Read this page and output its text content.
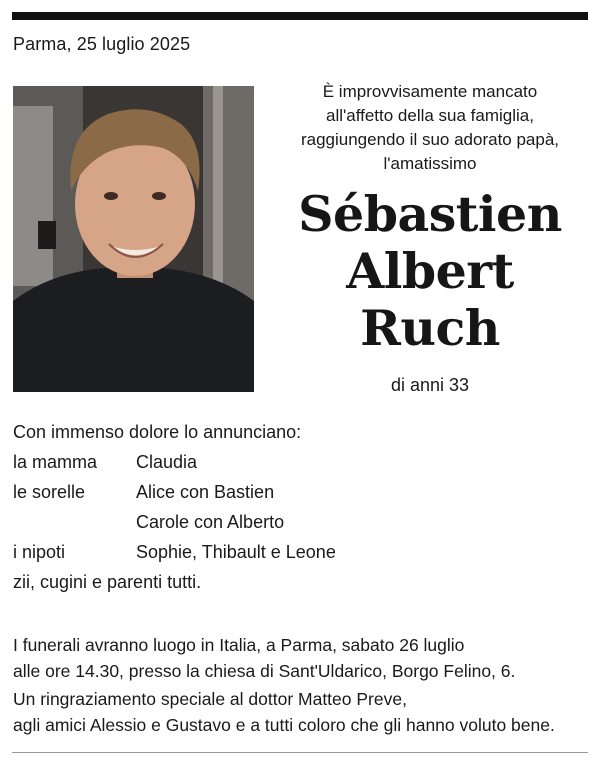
Parma, 25 luglio 2025
È improvvisamente mancato
all'affetto della sua famiglia,
raggiungendo il suo adorato papà,
l'amatissimo
Sébastien
Albert
Ruch
di anni 33
Con immenso dolore lo annunciano:
la mamma Claudia
le sorelle	Alice con Bastien
Carole con Alberto
i nipoti	Sophie, Thibault e Leone
zii, cugini e parenti tutti.
I funerali avranno luogo in Italia, a Parma, sabato 26 luglio
alle ore 14.30, presso la chiesa di Sant'Uldarico, Borgo Felino, 6.
Un ringraziamento speciale al dottor Matteo Preve,
agli amici Alessio e Gustavo e a tutti coloro che gli hanno voluto bene.
